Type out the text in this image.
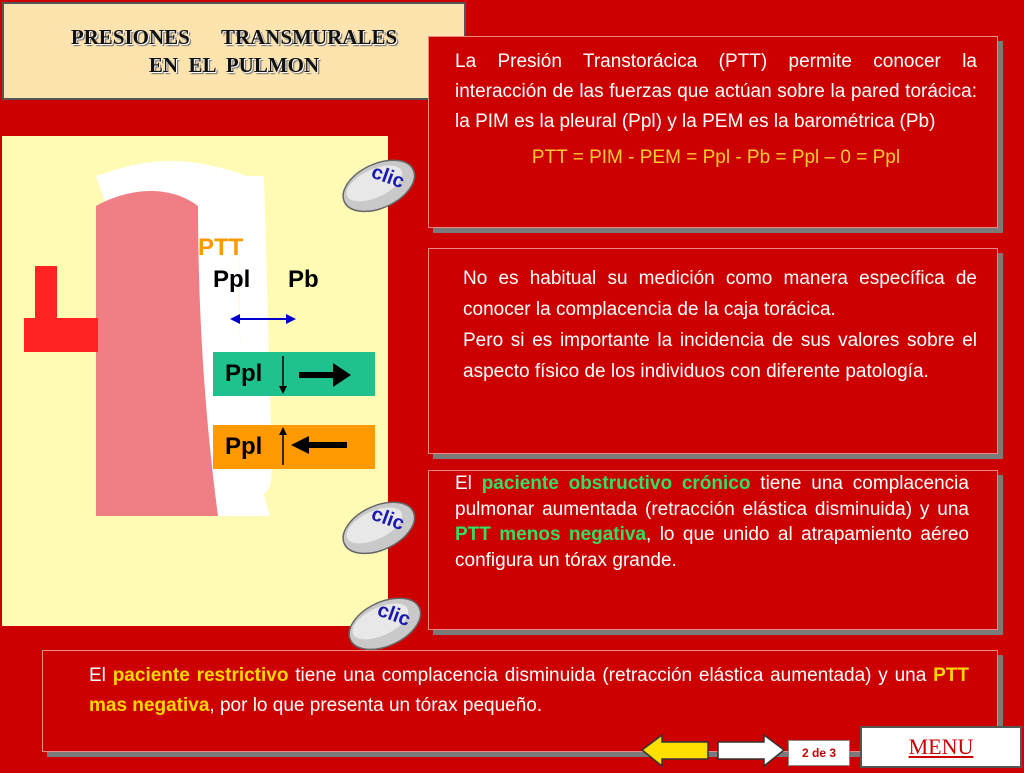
PRESIONES      TRANSMURALES
EN  EL  PULMON
PTT
Ppl Pb
Ppl
Ppl
clic
clic
clic

La Presión Transtorácica (PTT) permite conocer la interacción de las fuerzas que actúan sobre la pared torácica: la PIM es la pleural (Ppl) y la PEM es la barométrica (Pb)

PTT = PIM - PEM = Ppl - Pb = Ppl – 0 = Ppl

No es habitual su medición como manera específica de conocer la complacencia de la caja torácica.

Pero si es importante la incidencia de sus valores sobre el aspecto físico de los individuos con diferente patología.

El paciente obstructivo crónico tiene una complacencia pulmonar aumentada (retracción elástica disminuida) y una PTT menos negativa, lo que unido al atrapamiento aéreo configura un tórax grande.

El paciente restrictivo tiene una complacencia disminuida (retracción elástica aumentada) y una PTT mas negativa, por lo que presenta un tórax pequeño.

2 de 3	MENU
